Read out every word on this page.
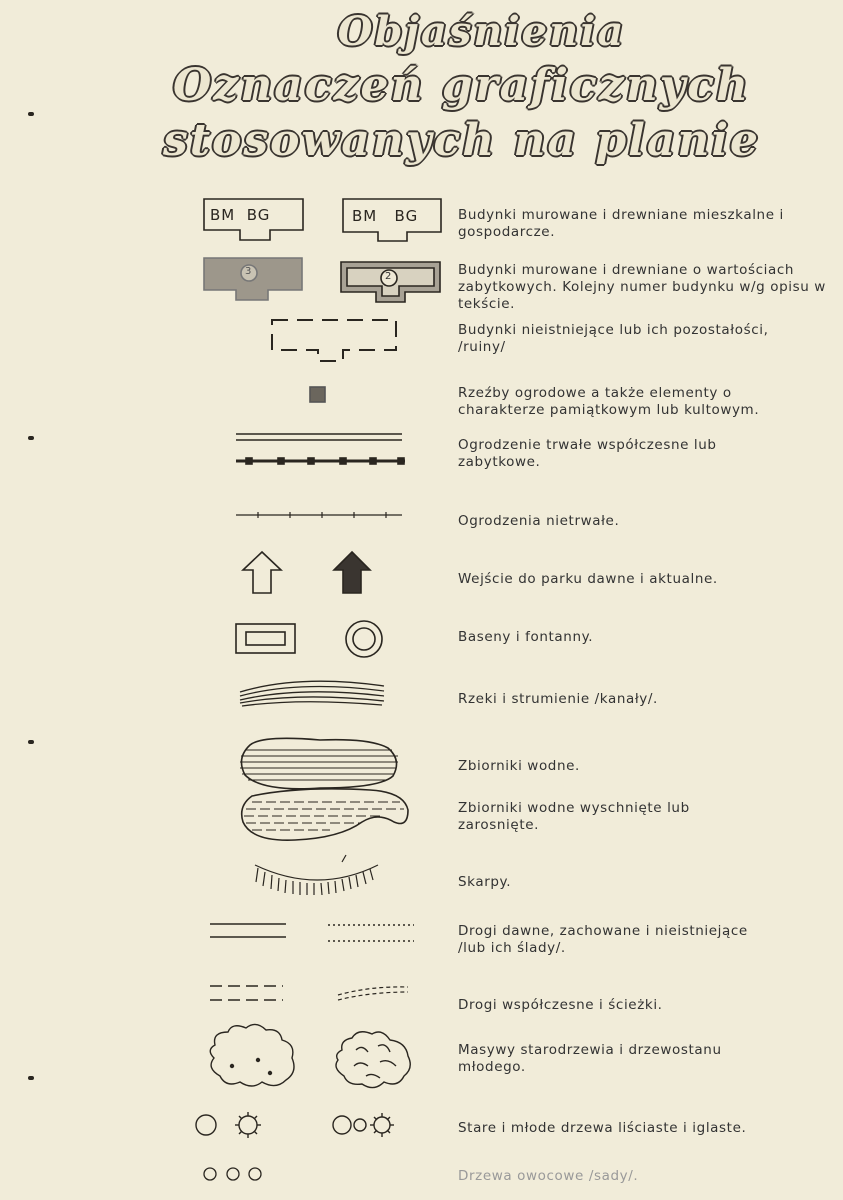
Objaśnienia
Oznaczeń graficznych
stosowanych na planie
BM BG	BM BG
3	2
Budynki murowane i drewniane mieszkalne i gospodarcze.
Budynki murowane i drewniane o wartościach zabytkowych. Kolejny numer budynku w/g opisu w tekście.
Budynki nieistniejące lub ich pozostałości, /ruiny/
Rzeźby ogrodowe a także elementy o charakterze pamiątkowym lub kultowym.
Ogrodzenie trwałe współczesne lub zabytkowe.
Ogrodzenia nietrwałe.
Wejście do parku dawne i aktualne.
Baseny i fontanny.
Rzeki i strumienie /kanały/.
Zbiorniki wodne.
Zbiorniki wodne wyschnięte lub zarosnięte.
Skarpy.
Drogi dawne, zachowane i nieistniejące /lub ich ślady/.
Drogi współczesne i ścieżki.
Masywy starodrzewia i drzewostanu młodego.
Stare i młode drzewa liściaste i iglaste.
Drzewa owocowe /sady/.
